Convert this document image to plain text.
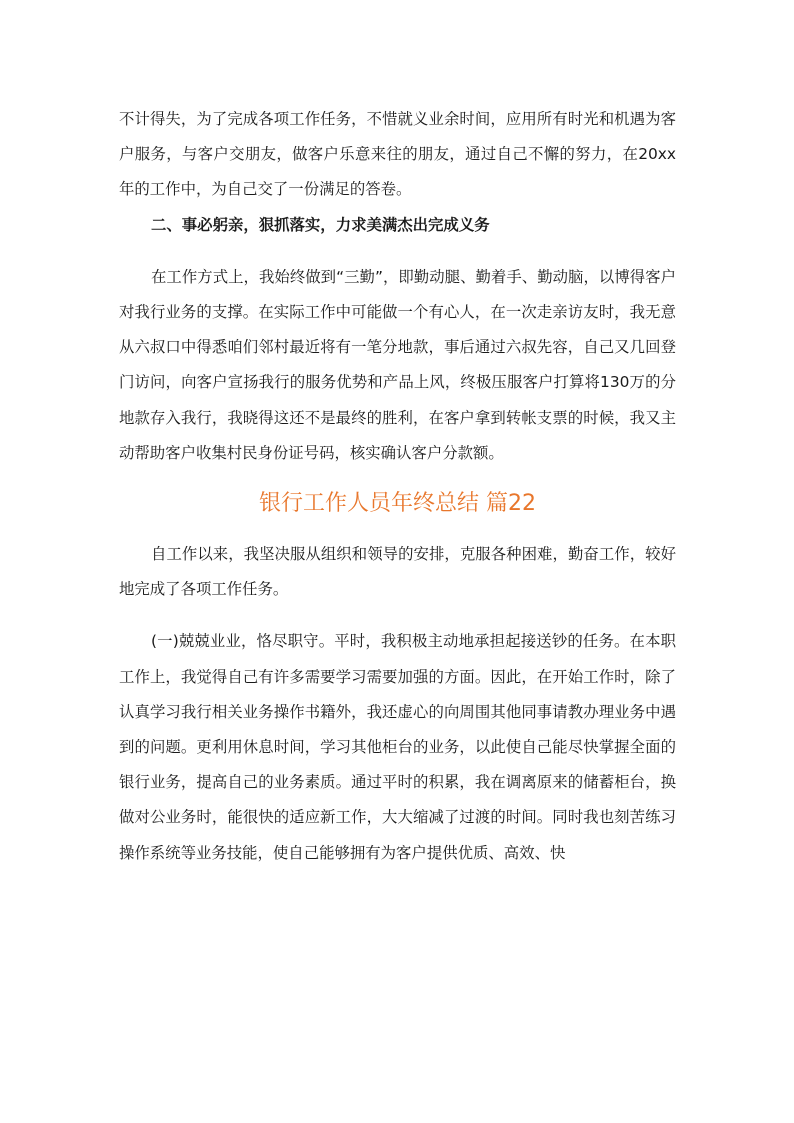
不计得失，为了完成各项工作任务，不惜就义业余时间，应用所有时光和机遇为客户服务，与客户交朋友，做客户乐意来往的朋友，通过自己不懈的努力，在20xx年的工作中，为自己交了一份满足的答卷。

二、事必躬亲，狠抓落实，力求美满杰出完成义务

在工作方式上，我始终做到“三勤”，即勤动腿、勤着手、勤动脑，以博得客户对我行业务的支撑。在实际工作中可能做一个有心人，在一次走亲访友时，我无意从六叔口中得悉咱们邻村最近将有一笔分地款，事后通过六叔先容，自己又几回登门访问，向客户宣扬我行的服务优势和产品上风，终极压服客户打算将130万的分地款存入我行，我晓得这还不是最终的胜利，在客户拿到转帐支票的时候，我又主动帮助客户收集村民身份证号码，核实确认客户分款额。

银行工作人员年终总结 篇22

自工作以来，我坚决服从组织和领导的安排，克服各种困难，勤奋工作，较好地完成了各项工作任务。

(一)兢兢业业，恪尽职守。平时，我积极主动地承担起接送钞的任务。在本职工作上，我觉得自己有许多需要学习需要加强的方面。因此，在开始工作时，除了认真学习我行相关业务操作书籍外，我还虚心的向周围其他同事请教办理业务中遇到的问题。更利用休息时间，学习其他柜台的业务，以此使自己能尽快掌握全面的银行业务，提高自己的业务素质。通过平时的积累，我在调离原来的储蓄柜台，换做对公业务时，能很快的适应新工作，大大缩减了过渡的时间。同时我也刻苦练习操作系统等业务技能，使自己能够拥有为客户提供优质、高效、快
